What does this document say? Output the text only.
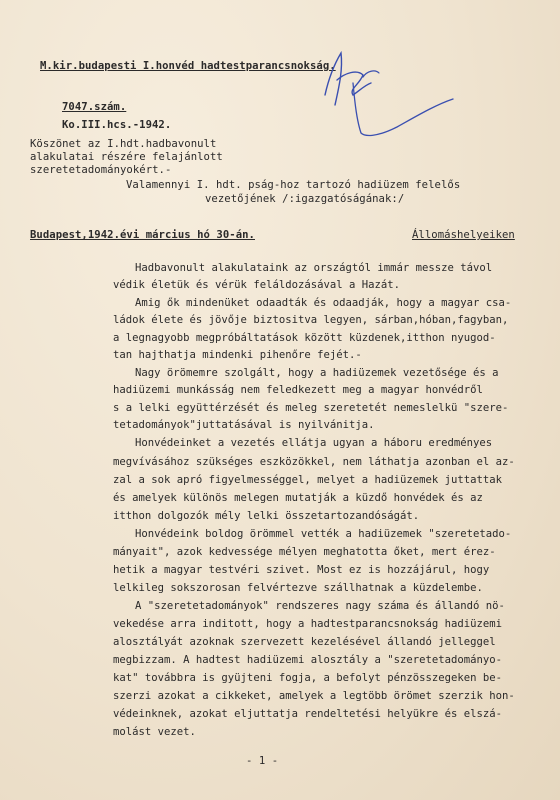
M.kir.budapesti I.honvéd hadtestparancsnokság.
7047.szám.
Ko.III.hcs.-1942.
Köszönet az I.hdt.hadbavonult
alakulatai részére felajánlott
szeretetadományokért.-
Valamennyi I. hdt. pság-hoz tartozó hadiüzem felelős
vezetőjének /:igazgatóságának:/
Budapest,1942.évi március hó 30-án.	Állomáshelyeiken
Hadbavonult alakulataink az országtól immár messze távol
védik életük és vérük feláldozásával a Hazát.
Amig ők mindenüket odaadták és odaadják, hogy a magyar csa-
ládok élete és jövője biztositva legyen, sárban,hóban,fagyban,
a legnagyobb megpróbáltatások között küzdenek,itthon nyugod-
tan hajthatja mindenki pihenőre fejét.-
Nagy örömemre szolgált, hogy a hadiüzemek vezetősége és a
hadiüzemi munkásság nem feledkezett meg a magyar honvédről
s a lelki együttérzését és meleg szeretetét nemeslelkü "szere-
tetadományok"juttatásával is nyilvánitja.
Honvédeinket a vezetés ellátja ugyan a háboru eredményes
megvívásához szükséges eszközökkel, nem láthatja azonban el az-
zal a sok apró figyelmességgel, melyet a hadiüzemek juttattak
és amelyek különös melegen mutatják a küzdő honvédek és az
itthon dolgozók mély lelki összetartozandóságát.
Honvédeink boldog örömmel vették a hadiüzemek "szeretetado-
mányait", azok kedvessége mélyen meghatotta őket, mert érez-
hetik a magyar testvéri szivet. Most ez is hozzájárul, hogy
lelkileg sokszorosan felvértezve szállhatnak a küzdelembe.
A "szeretetadományok" rendszeres nagy száma és állandó nö-
vekedése arra inditott, hogy a hadtestparancsnokság hadiüzemi
alosztályát azoknak szervezett kezelésével állandó jelleggel
megbizzam. A hadtest hadiüzemi alosztály a "szeretetadományo-
kat" továbbra is gyüjteni fogja, a befolyt pénzösszegeken be-
szerzi azokat a cikkeket, amelyek a legtöbb örömet szerzik hon-
védeinknek, azokat eljuttatja rendeltetési helyükre és elszá-
molást vezet.
- 1 -
